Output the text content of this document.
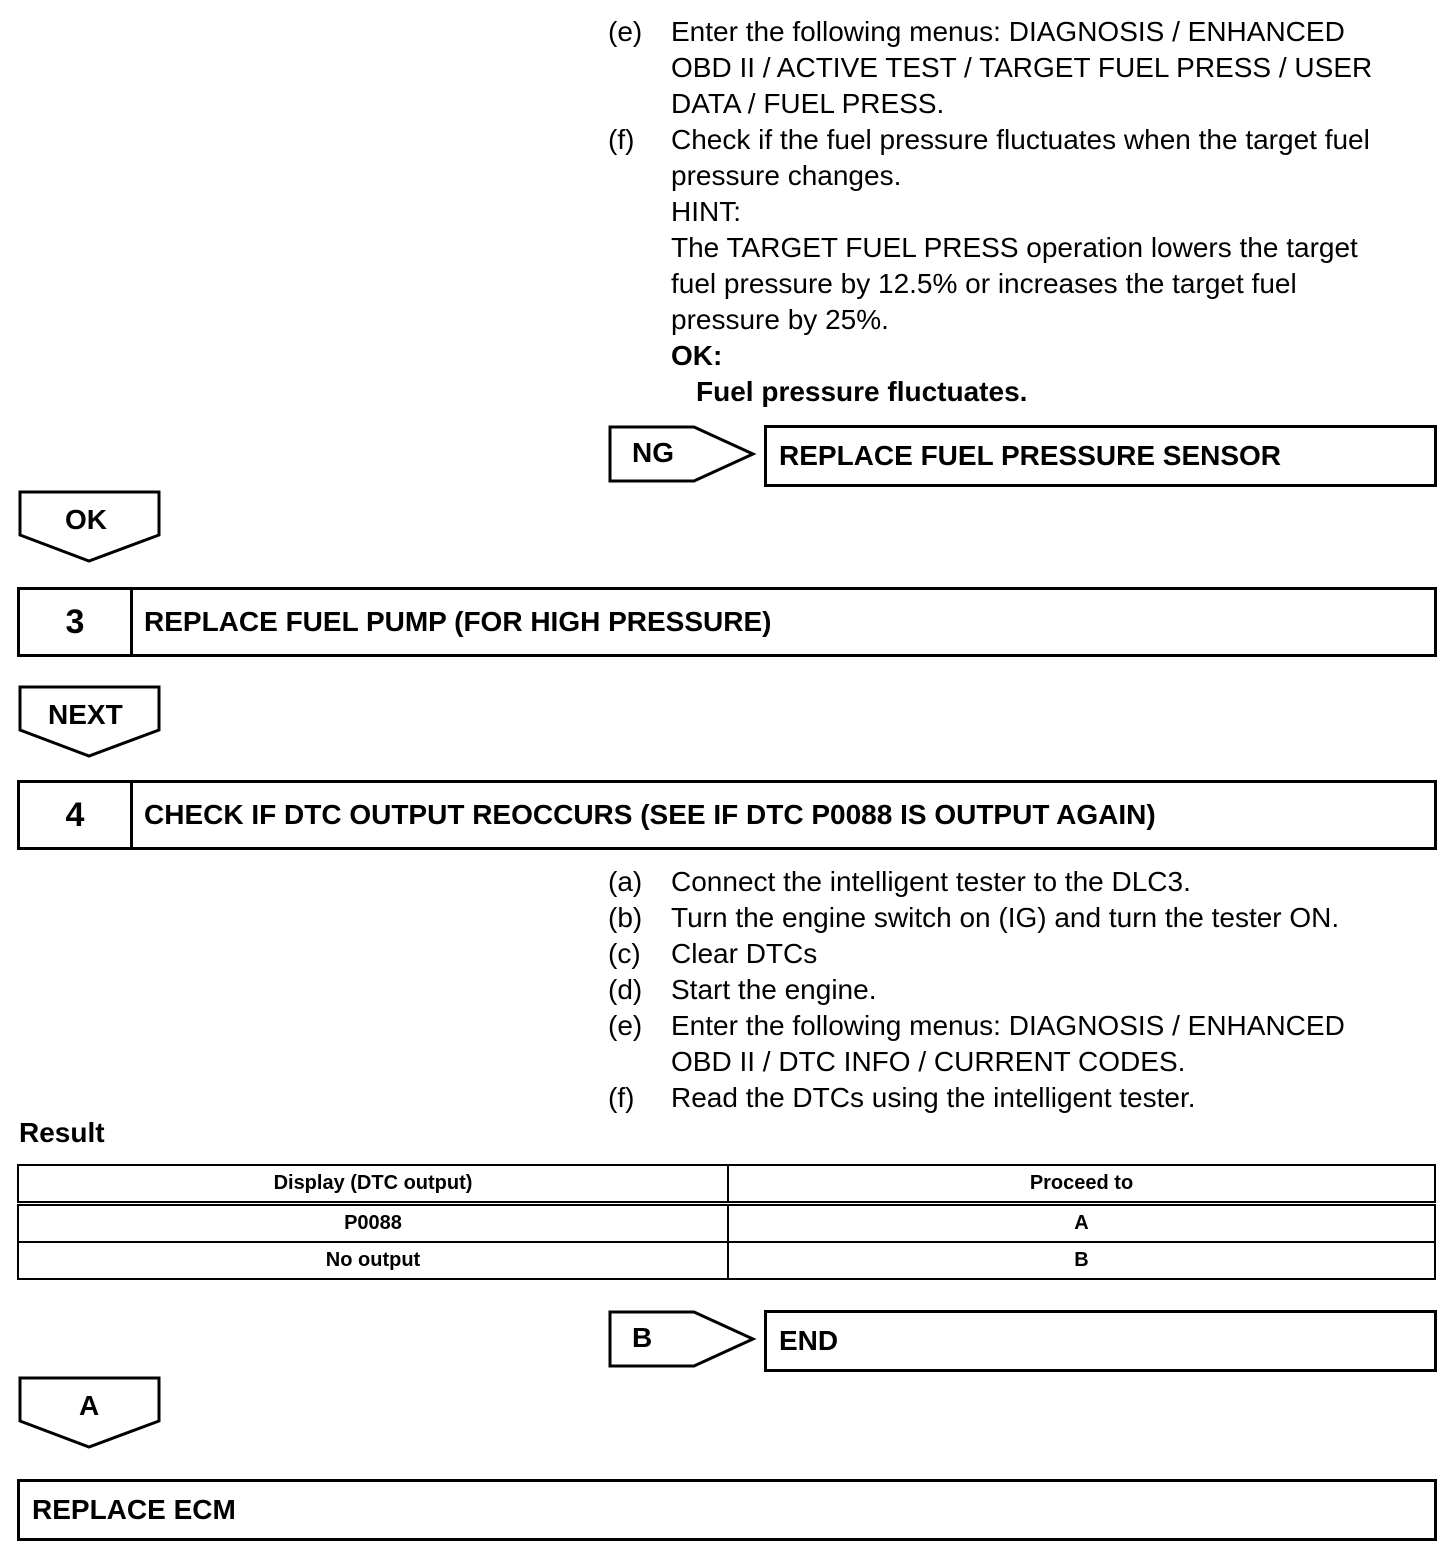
(e)	Enter the following menus: DIAGNOSIS / ENHANCED
OBD II / ACTIVE TEST / TARGET FUEL PRESS / USER
DATA / FUEL PRESS.
(f)	Check if the fuel pressure fluctuates when the target fuel
pressure changes.
HINT:
The TARGET FUEL PRESS operation lowers the target
fuel pressure by 12.5% or increases the target fuel
pressure by 25%.
OK:
Fuel pressure fluctuates.
NG	REPLACE FUEL PRESSURE SENSOR
OK
3	REPLACE FUEL PUMP (FOR HIGH PRESSURE)
NEXT
4	CHECK IF DTC OUTPUT REOCCURS (SEE IF DTC P0088 IS OUTPUT AGAIN)
(a)	Connect the intelligent tester to the DLC3.
(b)	Turn the engine switch on (IG) and turn the tester ON.
(c)	Clear DTCs
(d)	Start the engine.
(e)	Enter the following menus: DIAGNOSIS / ENHANCED
OBD II / DTC INFO / CURRENT CODES.
(f)	Read the DTCs using the intelligent tester.
Result
Display (DTC output)	Proceed to
P0088	A
No output	B
B	END
A
REPLACE ECM
